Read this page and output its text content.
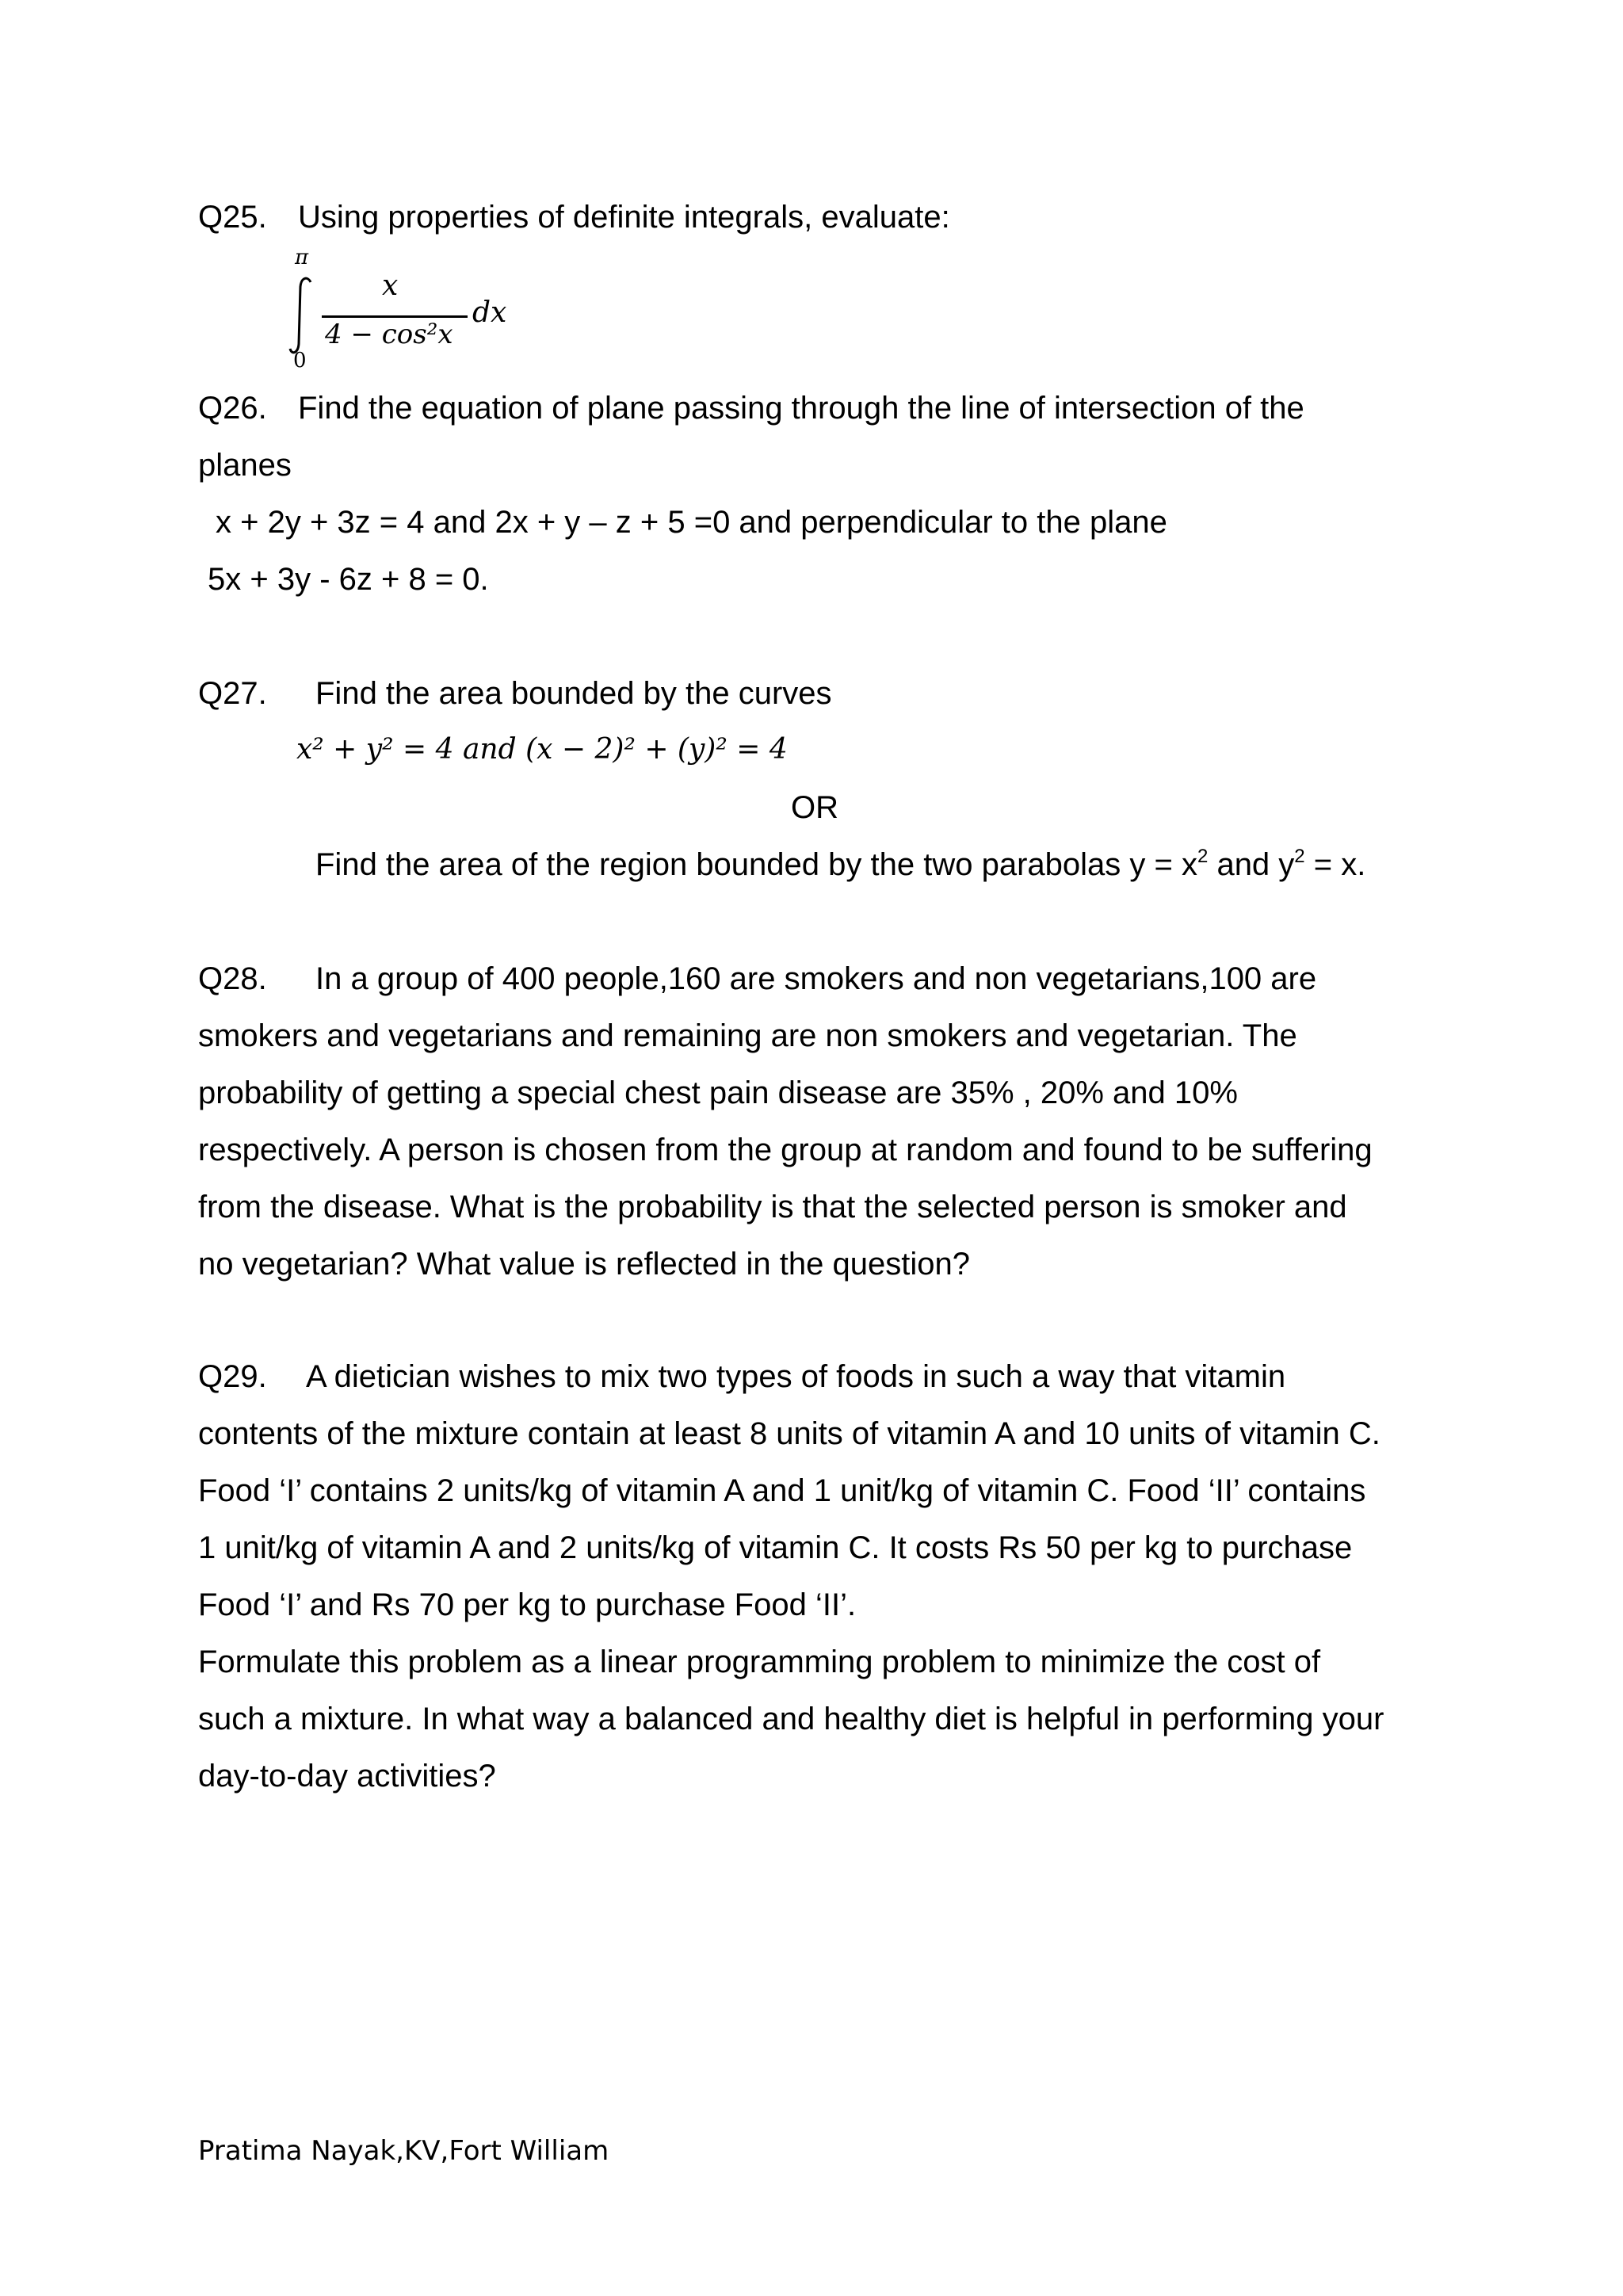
Q25. Using properties of definite integrals, evaluate:
π
0
x
4 − cos²x
dx
Q26. Find the equation of plane passing through the line of intersection of the
planes
x + 2y + 3z = 4 and 2x + y – z + 5 =0 and perpendicular to the plane
5x + 3y - 6z + 8 = 0.
Q27. Find the area bounded by the curves
x² + y² = 4 and (x − 2)² + (y)² = 4
OR
Find the area of the region bounded by the two parabolas $y = x^2$ and $y^2 = x$.
Q28. In a group of 400 people,160 are smokers and non vegetarians,100 are
smokers and vegetarians and remaining are non smokers and vegetarian. The
probability of getting a special chest pain disease are 35% , 20% and 10%
respectively. A person is chosen from the group at random and found to be suffering
from the disease. What is the probability is that the selected person is smoker and
no vegetarian? What value is reflected in the question?
Q29. A dietician wishes to mix two types of foods in such a way that vitamin
contents of the mixture contain at least 8 units of vitamin A and 10 units of vitamin C.
Food ‘I’ contains 2 units/kg of vitamin A and 1 unit/kg of vitamin C. Food ‘II’ contains
1 unit/kg of vitamin A and 2 units/kg of vitamin C. It costs Rs 50 per kg to purchase
Food ‘I’ and Rs 70 per kg to purchase Food ‘II’.
Formulate this problem as a linear programming problem to minimize the cost of
such a mixture. In what way a balanced and healthy diet is helpful in performing your
day-to-day activities?
Pratima Nayak,KV,Fort William
